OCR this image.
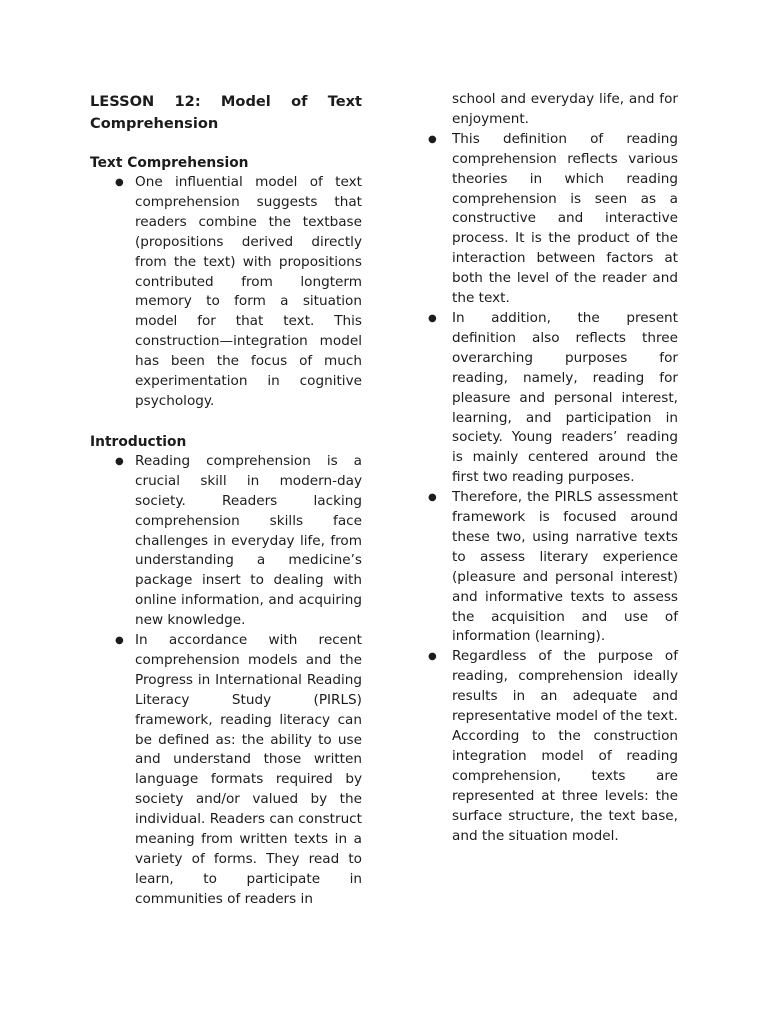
LESSON 12: Model of Text
Comprehension
Text Comprehension
● One influential model of text comprehension suggests that readers combine the textbase (propositions derived directly from the text) with propositions contributed from longterm memory to form a situation model for that text. This construction—integration model has been the focus of much experimentation in cognitive psychology.
Introduction
● Reading comprehension is a crucial skill in modern-day society. Readers lacking comprehension skills face challenges in everyday life, from understanding a medicine’s package insert to dealing with online information, and acquiring new knowledge.
● In accordance with recent comprehension models and the Progress in International Reading Literacy Study (PIRLS) framework, reading literacy can be defined as: the ability to use and understand those written language formats required by society and/or valued by the individual. Readers can construct meaning from written texts in a variety of forms. They read to learn, to participate in communities of readers in

school and everyday life, and for enjoyment.

● This definition of reading comprehension reflects various theories in which reading comprehension is seen as a constructive and interactive process. It is the product of the interaction between factors at both the level of the reader and the text.
● In addition, the present definition also reflects three overarching purposes for reading, namely, reading for pleasure and personal interest, learning, and participation in society. Young readers’ reading is mainly centered around the first two reading purposes.
● Therefore, the PIRLS assessment framework is focused around these two, using narrative texts to assess literary experience (pleasure and personal interest) and informative texts to assess the acquisition and use of information (learning).
● Regardless of the purpose of reading, comprehension ideally results in an adequate and representative model of the text. According to the construction integration model of reading comprehension, texts are represented at three levels: the surface structure, the text base, and the situation model.
